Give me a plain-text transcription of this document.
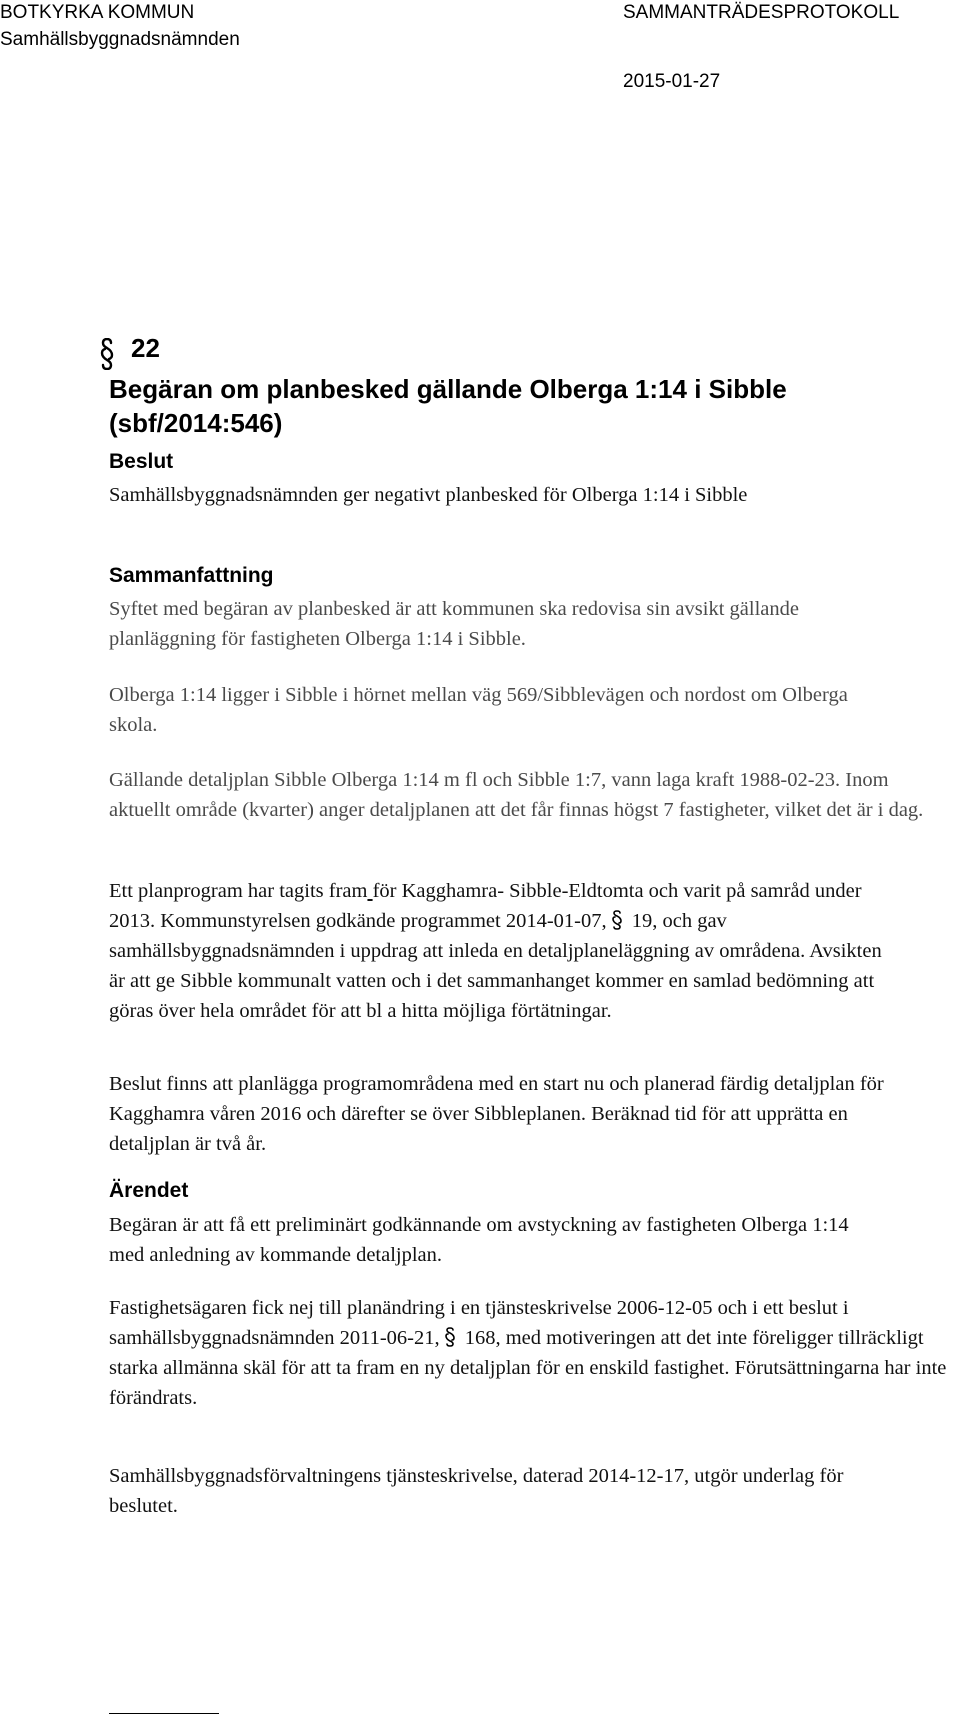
BOTKYRKA KOMMUN
Samhällsbyggnadsnämnden
SAMMANTRÄDESPROTOKOLL
2015-01-27
22
Begäran om planbesked gällande Olberga 1:14 i Sibble
(sbf/2014:546)
Beslut

Samhällsbyggnadsnämnden ger negativt planbesked för Olberga 1:14 i Sibble

Sammanfattning

Syftet med begäran av planbesked är att kommunen ska redovisa sin avsikt gällande planläggning för fastigheten Olberga 1:14 i Sibble.

Olberga 1:14 ligger i Sibble i hörnet mellan väg 569/Sibblevägen och nordost om Olberga skola.

Gällande detaljplan Sibble Olberga 1:14 m fl och Sibble 1:7, vann laga kraft 1988-02-23. Inom aktuellt område (kvarter) anger detaljplanen att det får finnas högst 7 fastigheter, vilket det är i dag.

Ett planprogram har tagits fram för Kagghamra- Sibble-Eldtomta och varit på samråd under 2013. Kommunstyrelsen godkände programmet 2014-01-07, 19, och gav samhällsbyggnadsnämnden i uppdrag att inleda en detaljplaneläggning av områdena. Avsikten är att ge Sibble kommunalt vatten och i det sammanhanget kommer en samlad bedömning att göras över hela området för att bl a hitta möjliga förtätningar.

Beslut finns att planlägga programområdena med en start nu och planerad färdig detaljplan för Kagghamra våren 2016 och därefter se över Sibbleplanen. Beräknad tid för att upprätta en detaljplan är två år.

Ärendet

Begäran är att få ett preliminärt godkännande om avstyckning av fastigheten Olberga 1:14 med anledning av kommande detaljplan.

Fastighetsägaren fick nej till planändring i en tjänsteskrivelse 2006-12-05 och i ett beslut i samhällsbyggnadsnämnden 2011-06-21, 168, med motiveringen att det inte föreligger tillräckligt starka allmänna skäl för att ta fram en ny detaljplan för en enskild fastighet. Förutsättningarna har inte förändrats.

Samhällsbyggnadsförvaltningens tjänsteskrivelse, daterad 2014-12-17, utgör underlag för beslutet.
